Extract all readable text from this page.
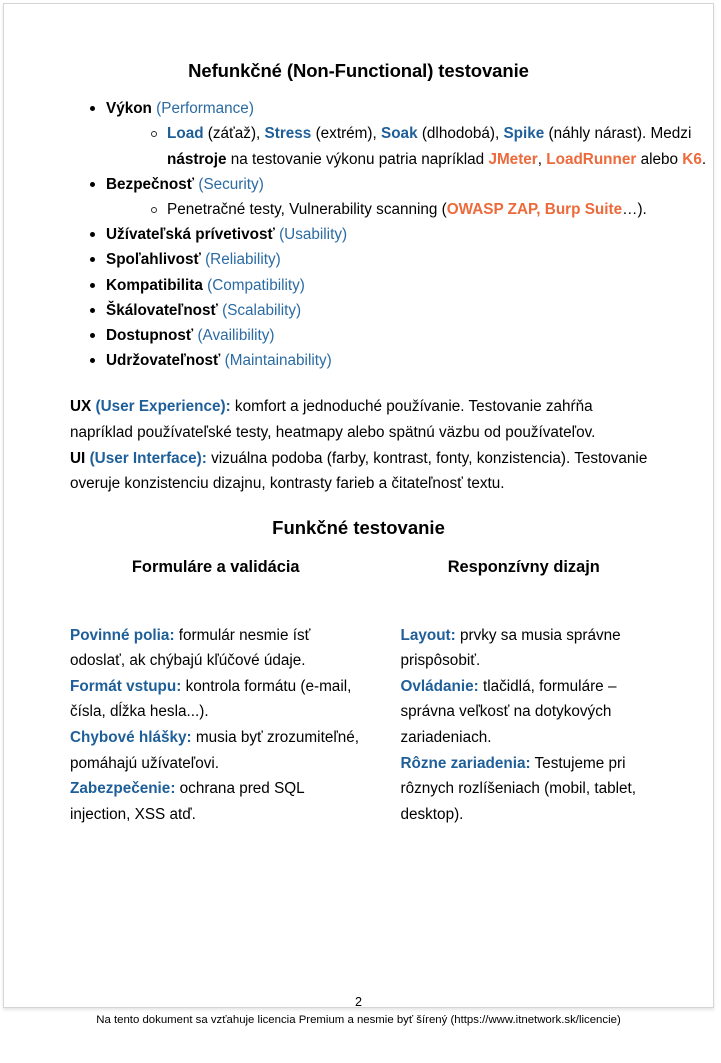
Nefunkčné (Non-Functional) testovanie
Výkon (Performance)
Load (záťaž), Stress (extrém), Soak (dlhodobá), Spike (náhly nárast). Medzi nástroje na testovanie výkonu patria napríklad JMeter, LoadRunner alebo K6.
Bezpečnosť (Security)
Penetračné testy, Vulnerability scanning (OWASP ZAP, Burp Suite…).
Užívateľská prívetivosť (Usability)
Spoľahlivosť (Reliability)
Kompatibilita (Compatibility)
Škálovateľnosť (Scalability)
Dostupnosť (Availibility)
Udržovateľnosť (Maintainability)

UX (User Experience): komfort a jednoduché používanie. Testovanie zahŕňa napríklad používateľské testy, heatmapy alebo spätnú väzbu od používateľov.

UI (User Interface): vizuálna podoba (farby, kontrast, fonty, konzistencia). Testovanie overuje konzistenciu dizajnu, kontrasty farieb a čitateľnosť textu.

Funkčné testovanie
Formuláre a validácia

Povinné polia: formulár nesmie ísť odoslať, ak chýbajú kľúčové údaje.

Formát vstupu: kontrola formátu (e-mail, čísla, dĺžka hesla...).

Chybové hlášky: musia byť zrozumiteľné, pomáhajú užívateľovi.

Zabezpečenie: ochrana pred SQL injection, XSS atď.

Responzívny dizajn

Layout: prvky sa musia správne prispôsobiť.

Ovládanie: tlačidlá, formuláre – správna veľkosť na dotykových zariadeniach.

Rôzne zariadenia: Testujeme pri rôznych rozlíšeniach (mobil, tablet, desktop).

2
Na tento dokument sa vzťahuje licencia Premium a nesmie byť šírený (https://www.itnetwork.sk/licencie)
